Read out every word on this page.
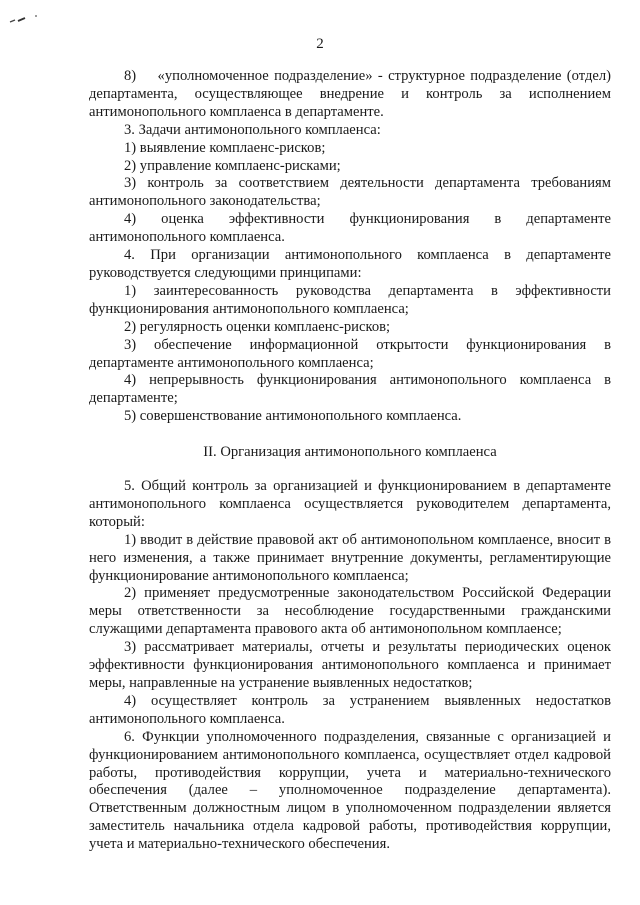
2

8)    «уполномоченное подразделение» - структурное подразделение (отдел) департамента, осуществляющее внедрение и контроль за исполнением антимонопольного комплаенса в департаменте.

3. Задачи антимонопольного комплаенса:

1) выявление комплаенс-рисков;

2) управление комплаенс-рисками;

3) контроль за соответствием деятельности департамента требованиям антимонопольного законодательства;

4) оценка эффективности функционирования в департаменте антимонопольного комплаенса.

4. При организации антимонопольного комплаенса в департаменте руководствуется следующими принципами:

1) заинтересованность руководства департамента в эффективности функционирования антимонопольного комплаенса;

2) регулярность оценки комплаенс-рисков;

3) обеспечение информационной открытости функционирования в департаменте антимонопольного комплаенса;

4) непрерывность функционирования антимонопольного комплаенса в департаменте;

5) совершенствование антимонопольного комплаенса.

II. Организация антимонопольного комплаенса

5. Общий контроль за организацией и функционированием в департаменте антимонопольного комплаенса осуществляется руководителем департамента, который:

1) вводит в действие правовой акт об антимонопольном комплаенсе, вносит в него изменения, а также принимает внутренние документы, регламентирующие функционирование антимонопольного комплаенса;

2) применяет предусмотренные законодательством Российской Федерации меры ответственности за несоблюдение государственными гражданскими служащими департамента правового акта об антимонопольном комплаенсе;

3) рассматривает материалы, отчеты и результаты периодических оценок эффективности функционирования антимонопольного комплаенса и принимает меры, направленные на устранение выявленных недостатков;

4) осуществляет контроль за устранением выявленных недостатков антимонопольного комплаенса.

6. Функции уполномоченного подразделения, связанные с организацией и функционированием антимонопольного комплаенса, осуществляет отдел кадровой работы, противодействия коррупции, учета и материально-технического обеспечения (далее – уполномоченное подразделение департамента). Ответственным должностным лицом в уполномоченном подразделении является заместитель начальника отдела кадровой работы, противодействия коррупции, учета и материально-технического обеспечения.
